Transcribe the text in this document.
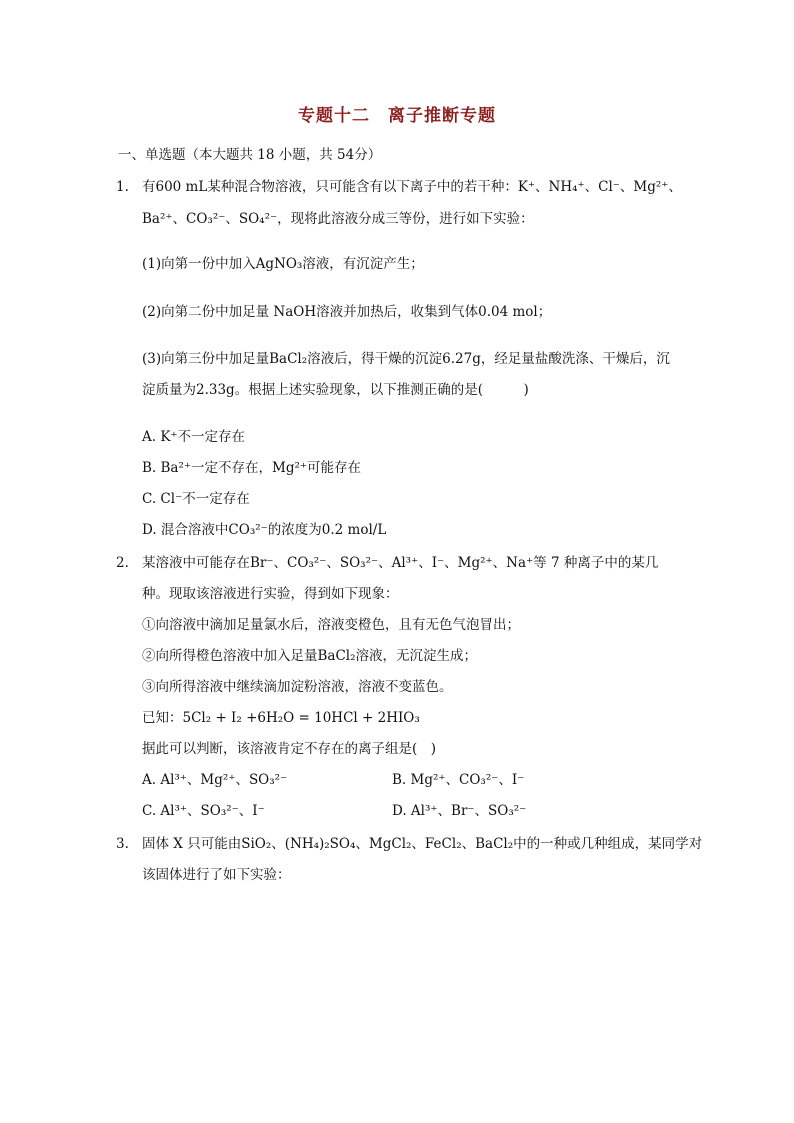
专题十二　离子推断专题
一、单选题（本大题共 18 小题，共 54分）
1. 有600 mL某种混合物溶液，只可能含有以下离子中的若干种：K⁺、NH₄⁺、Cl⁻、Mg²⁺、
Ba²⁺、CO₃²⁻、SO₄²⁻，现将此溶液分成三等份，进行如下实验：
(1)向第一份中加入AgNO₃溶液，有沉淀产生；
(2)向第二份中加足量 NaOH溶液并加热后，收集到气体0.04 mol；
(3)向第三份中加足量BaCl₂溶液后，得干燥的沉淀6.27g，经足量盐酸洗涤、干燥后，沉
淀质量为2.33g。根据上述实验现象，以下推测正确的是(　　　)
A. K⁺不一定存在
B. Ba²⁺一定不存在，Mg²⁺可能存在
C. Cl⁻不一定存在
D. 混合溶液中CO₃²⁻的浓度为0.2 mol/L
2. 某溶液中可能存在Br⁻、CO₃²⁻、SO₃²⁻、Al³⁺、I⁻、Mg²⁺、Na⁺等 7 种离子中的某几
种。现取该溶液进行实验，得到如下现象：
①向溶液中滴加足量氯水后，溶液变橙色，且有无色气泡冒出；
②向所得橙色溶液中加入足量BaCl₂溶液，无沉淀生成；
③向所得溶液中继续滴加淀粉溶液，溶液不变蓝色。
已知：5Cl₂ + I₂ +6H₂O = 10HCl + 2HIO₃
据此可以判断，该溶液肯定不存在的离子组是(　)
A. Al³⁺、Mg²⁺、SO₃²⁻	B. Mg²⁺、CO₃²⁻、I⁻
C. Al³⁺、SO₃²⁻、I⁻	D. Al³⁺、Br⁻、SO₃²⁻
3. 固体 X 只可能由SiO₂、(NH₄)₂SO₄、MgCl₂、FeCl₂、BaCl₂中的一种或几种组成，某同学对
该固体进行了如下实验：
